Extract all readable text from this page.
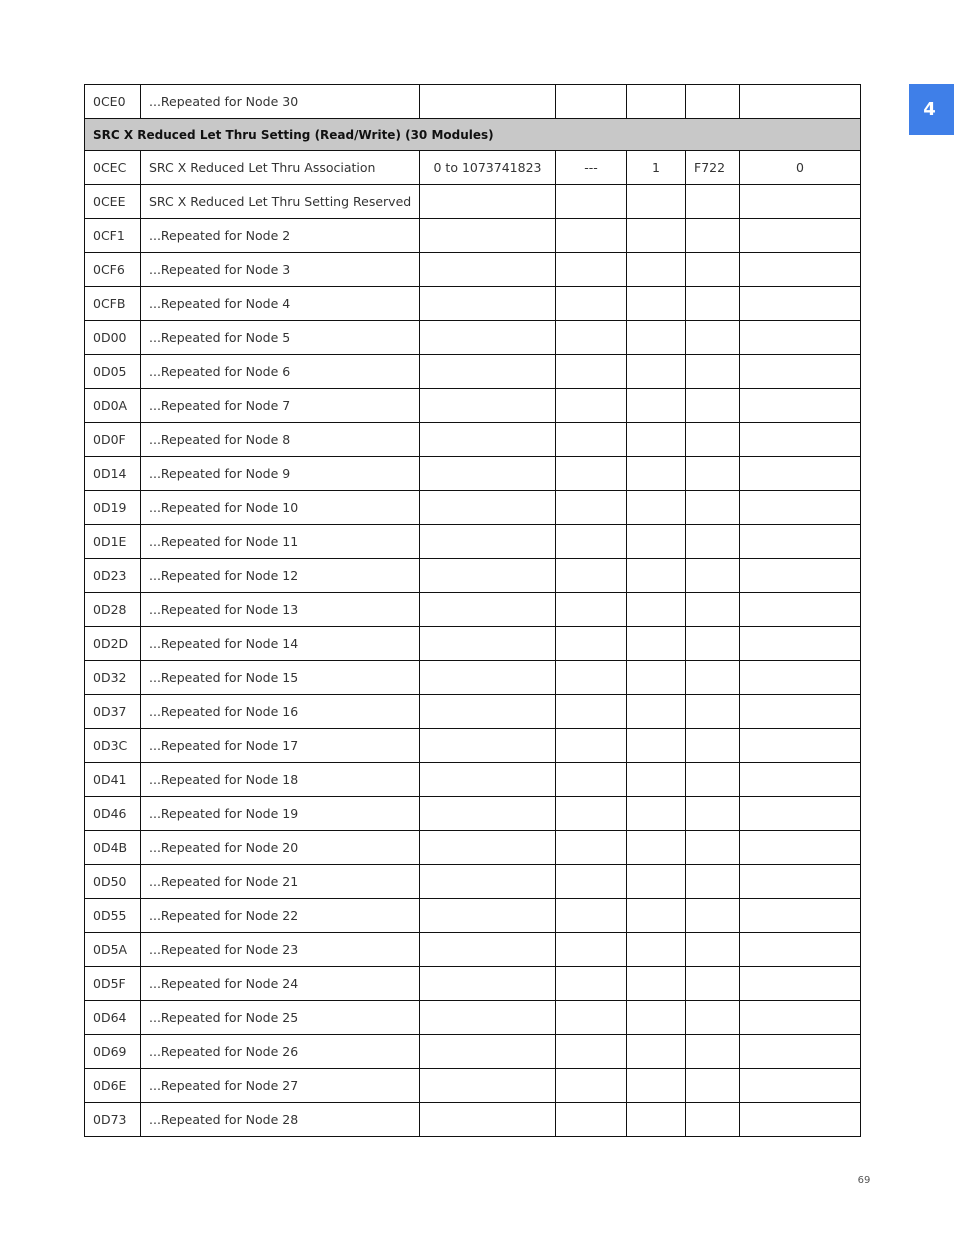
4
0CE0	...Repeated for Node 30					
SRC X Reduced Let Thru Setting (Read/Write) (30 Modules)						
0CEC	SRC X Reduced Let Thru Association	0 to 1073741823	---	1	F722	0
0CEE	SRC X Reduced Let Thru Setting Reserved					
0CF1	...Repeated for Node 2					
0CF6	...Repeated for Node 3					
0CFB	...Repeated for Node 4					
0D00	...Repeated for Node 5					
0D05	...Repeated for Node 6					
0D0A	...Repeated for Node 7					
0D0F	...Repeated for Node 8					
0D14	...Repeated for Node 9					
0D19	...Repeated for Node 10					
0D1E	...Repeated for Node 11					
0D23	...Repeated for Node 12					
0D28	...Repeated for Node 13					
0D2D	...Repeated for Node 14					
0D32	...Repeated for Node 15					
0D37	...Repeated for Node 16					
0D3C	...Repeated for Node 17					
0D41	...Repeated for Node 18					
0D46	...Repeated for Node 19					
0D4B	...Repeated for Node 20					
0D50	...Repeated for Node 21					
0D55	...Repeated for Node 22					
0D5A	...Repeated for Node 23					
0D5F	...Repeated for Node 24					
0D64	...Repeated for Node 25					
0D69	...Repeated for Node 26					
0D6E	...Repeated for Node 27					
0D73	...Repeated for Node 28					
69
